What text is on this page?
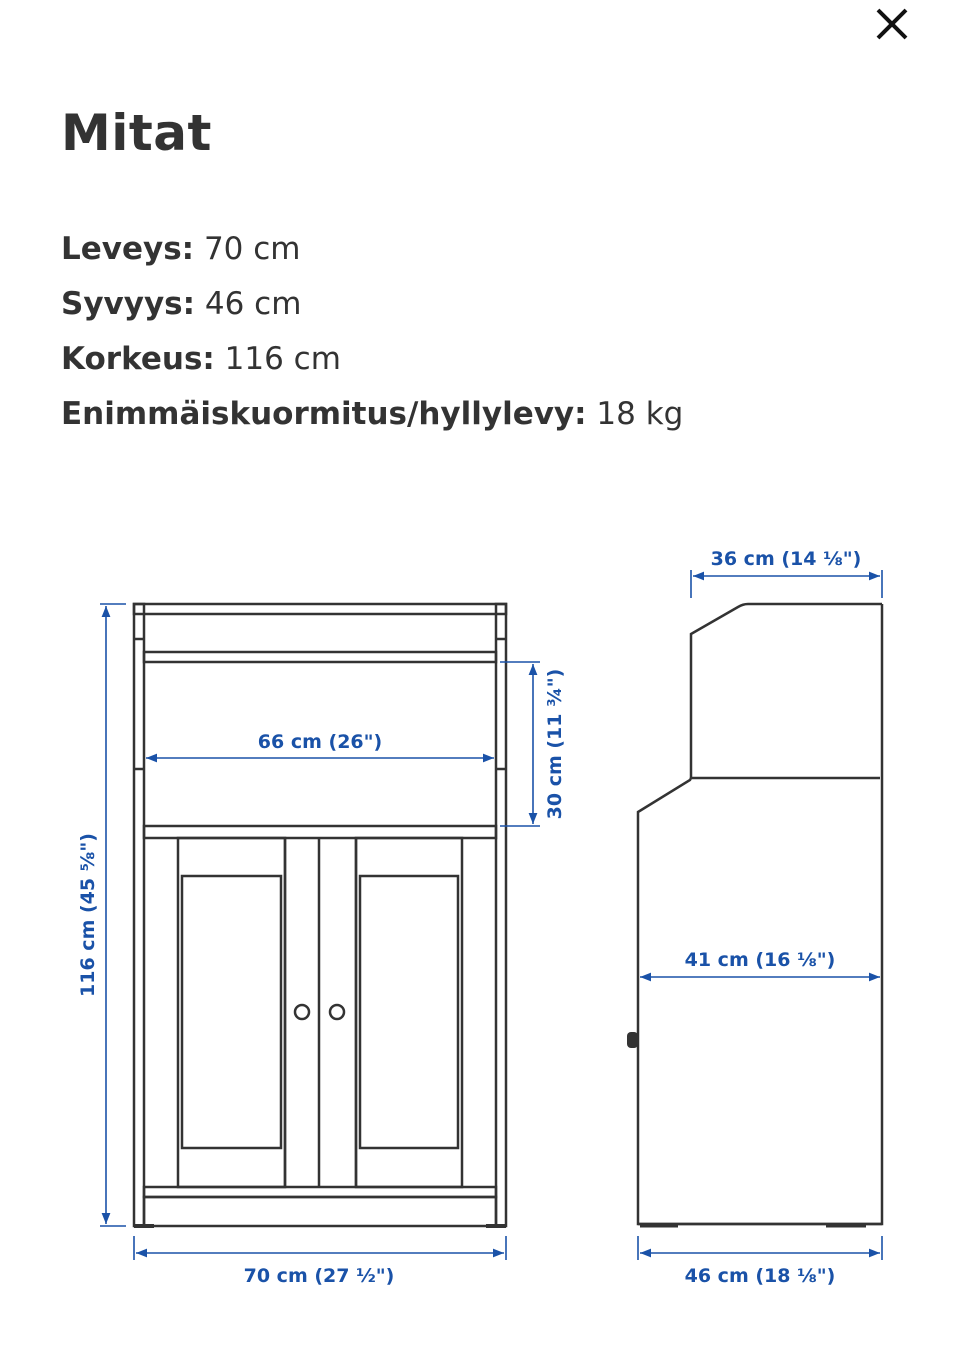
Mitat
Leveys: 70 cm
Syvyys: 46 cm
Korkeus: 116 cm
Enimmäiskuormitus/hyllylevy: 18 kg
116 cm (45 ⅝")
66 cm (26")	30 cm (11 ¾")
70 cm (27 ½")
36 cm (14 ⅛")
41 cm (16 ⅛")
46 cm (18 ⅛")
